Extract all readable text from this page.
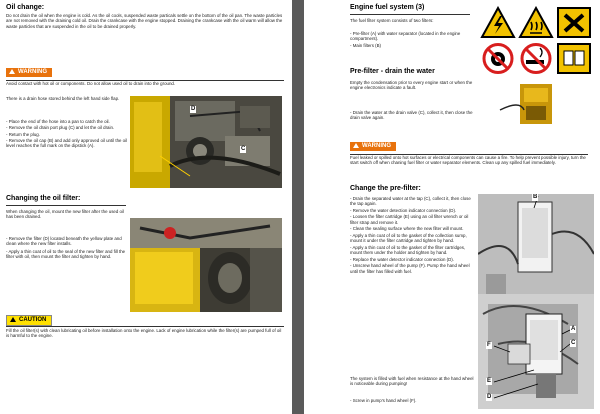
Oil change:
Do not drain the oil when the engine is cold. As the oil cools, suspended waste particals settle on the bottom of the oil pan. The waste particles are not removed with the draining cold oil. Drain the crankcase with the engine stopped. Draining the crankcase with the oil warm will allow the waste particles that are suspended in the oil to be drained properly.
WARNING
Avoid contact with hot oil or components. Do not allow used oil to drain into the ground.
There is a drain hose stored behind the left hand side flap.
- Place the end of the hose into a pan to catch the oil.
- Remove the oil drain port plug (C) and let the oil drain.
- Return the plug.
- Remove the oil cap (B) and add only approved oil until the oil level reaches the full mark on the dipstick (A).
D
C
Changing the oil filter:
When changing the oil, mount the new filter after the used oil has been drained.
- Remove the filter (D) located beneath the yellow plate and clean where the new filter installs.
- Apply a thin coat of oil to the seal of the new filter and fill the filter with oil, then mount the filter and tighten by hand.
CAUTION
Fill the oil filter(s) with clean lubricating oil before installation onto the engine. Lack of engine lubrication while the filter(s) are pumped full of oil is harmful to the engine.
Engine fuel system (3)
The fuel filter system consists of two filters:
- Pre-filter (A) with water separator (located in the engine compartment).
- Main filters (B)
Pre-filter - drain the water
Empty the condensation prior to every engine start or when the engine electronics indicate a fault.
- Drain the water at the drain valve (C), collect it, then close the drain valve again.
WARNING
Fuel leaked or spilled onto hot surfaces or electrical components can cause a fire. To help prevent possible injury, turn the start switch off when chaning fuel filter or water separator elements. Clean up any spilled fuel immediately.
Change the pre-filter:
- Drain the separated water at the tap (C), collect it, then close the tap again.
- Remove the water detection indicator connection (D).
- Loosen the filter cartridge (E) using an oil filter wrench or oil filter strap and remove it.
- Clean the sealing surface where the new filter will mount.
- Apply a thin coat of oil to the gasket of the collection sump, mount it under the filter cartridge and tighten by hand.
- Apply a thin coat of oil to the gasket of the filter cartridges, mount them under the holder and tighten by hand.
- Replace the water detector indicator connection (D).
- Unscrew hand wheel of the pump (F). Pump the hand wheel until the filter has filled with fuel.
The system is filled with fuel when resistance at the hand wheel is noticeable during pumping!
- Screw in pump's hand wheel (F).
B
A
C
F
E
D
